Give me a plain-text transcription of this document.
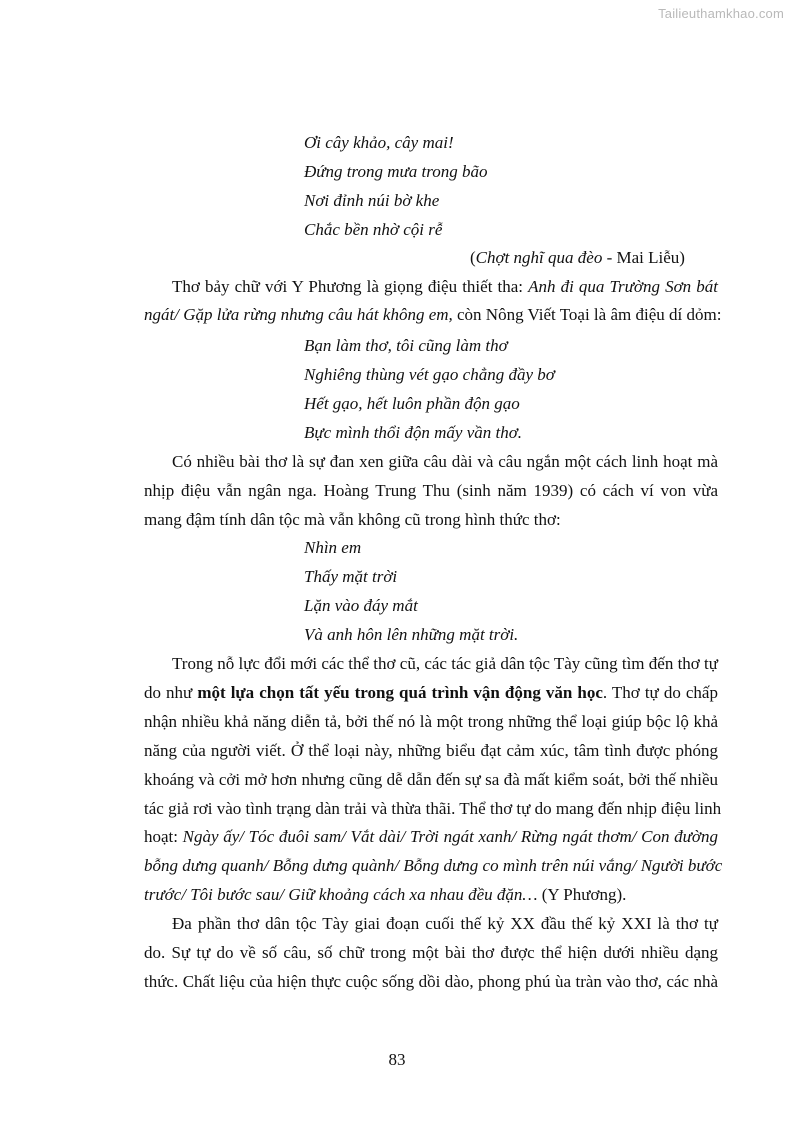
Tailieuthamkhao.com
Ơi cây khảo, cây mai!
Đứng trong mưa trong bão
Nơi đỉnh núi bờ khe
Chắc bền nhờ cội rễ
(Chợt nghĩ qua đèo - Mai Liễu)
Thơ bảy chữ với Y Phương là giọng điệu thiết tha: Anh đi qua Trường Sơn bát
ngát/ Gặp lửa rừng nhưng câu hát không em, còn Nông Viết Toại là âm điệu dí dỏm:
Bạn làm thơ, tôi cũng làm thơ
Nghiêng thùng vét gạo chẳng đầy bơ
Hết gạo, hết luôn phần độn gạo
Bực mình thổi độn mấy vần thơ.
Có nhiều bài thơ là sự đan xen giữa câu dài và câu ngắn một cách linh hoạt mà
nhịp điệu vẫn ngân nga. Hoàng Trung Thu (sinh năm 1939) có cách ví von vừa
mang đậm tính dân tộc mà vẫn không cũ trong hình thức thơ:
Nhìn em
Thấy mặt trời
Lặn vào đáy mắt
Và anh hôn lên những mặt trời.
Trong nỗ lực đổi mới các thể thơ cũ, các tác giả dân tộc Tày cũng tìm đến thơ tự
do như một lựa chọn tất yếu trong quá trình vận động văn học. Thơ tự do chấp
nhận nhiều khả năng diễn tả, bởi thế nó là một trong những thể loại giúp bộc lộ khả
năng của người viết. Ở thể loại này, những biểu đạt cảm xúc, tâm tình được phóng
khoáng và cởi mở hơn nhưng cũng dễ dẫn đến sự sa đà mất kiểm soát, bởi thế nhiều
tác giả rơi vào tình trạng dàn trải và thừa thãi. Thể thơ tự do mang đến nhịp điệu linh
hoạt: Ngày ấy/ Tóc đuôi sam/ Vắt dài/ Trời ngát xanh/ Rừng ngát thơm/ Con đường
bỗng dưng quanh/ Bỗng dưng quành/ Bỗng dưng co mình trên núi vắng/ Người bước
trước/ Tôi bước sau/ Giữ khoảng cách xa nhau đều đặn… (Y Phương).
Đa phần thơ dân tộc Tày giai đoạn cuối thế kỷ XX đầu thế kỷ XXI là thơ tự
do. Sự tự do về số câu, số chữ trong một bài thơ được thể hiện dưới nhiều dạng
thức. Chất liệu của hiện thực cuộc sống dồi dào, phong phú ùa tràn vào thơ, các nhà
83
